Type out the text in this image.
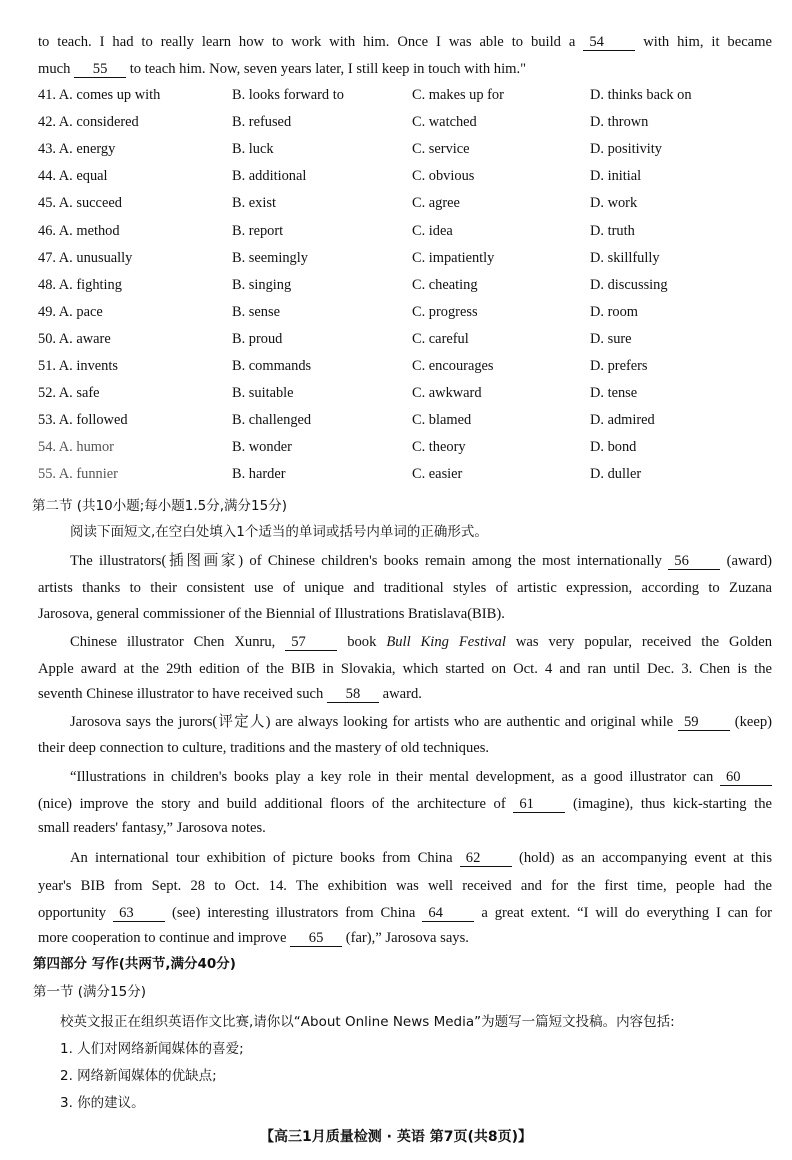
to teach. I had to really learn how to work with him. Once I was able to build a 54	with him, it became
much 55 to teach him. Now, seven years later, I still keep in touch with him."
41. A. comes up with	B. looks forward to	C. makes up for	D. thinks back on
42. A. considered	B. refused	C. watched	D. thrown
43. A. energy	B. luck	C. service	D. positivity
44. A. equal	B. additional	C. obvious	D. initial
45. A. succeed	B. exist	C. agree	D. work
46. A. method	B. report	C. idea	D. truth
47. A. unusually	B. seemingly	C. impatiently	D. skillfully
48. A. fighting	B. singing	C. cheating	D. discussing
49. A. pace	B. sense	C. progress	D. room
50. A. aware	B. proud	C. careful	D. sure
51. A. invents	B. commands	C. encourages	D. prefers
52. A. safe	B. suitable	C. awkward	D. tense
53. A. followed	B. challenged	C. blamed	D. admired
54. A. humor	B. wonder	C. theory	D. bond
55. A. funnier	B. harder	C. easier	D. duller
第二节 (共10小题;每小题1.5分,满分15分)
阅读下面短文,在空白处填入1个适当的单词或括号内单词的正确形式。
The illustrators(插图画家) of Chinese children's books remain among the most internationally 56	(award)
artists thanks to their consistent use of unique and traditional styles of artistic expression, according to Zuzana
Jarosova, general commissioner of the Biennial of Illustrations Bratislava(BIB).
Chinese illustrator Chen Xunru, 57	book Bull King Festival was very popular, received the Golden
Apple award at the 29th edition of the BIB in Slovakia, which started on Oct. 4 and ran until Dec. 3. Chen is the
seventh Chinese illustrator to have received such 58 award.
Jarosova says the jurors(评定人) are always looking for artists who are authentic and original while 59 (keep)
their deep connection to culture, traditions and the mastery of old techniques.
“Illustrations in children's books play a key role in their mental development, as a good illustrator can 60
(nice) improve the story and build additional floors of the architecture of 61	(imagine), thus kick-starting the
small readers' fantasy,” Jarosova notes.
An international tour exhibition of picture books from China 62	(hold) as an accompanying event at this
year's BIB from Sept. 28 to Oct. 14. The exhibition was well received and for the first time, people had the
opportunity 63	(see) interesting illustrators from China 64	a great extent. “I will do everything I can for
more cooperation to continue and improve 65 (far),” Jarosova says.
第四部分 写作(共两节,满分40分)
第一节 (满分15分)
校英文报正在组织英语作文比赛,请你以“About Online News Media”为题写一篇短文投稿。内容包括:
1. 人们对网络新闻媒体的喜爱;
2. 网络新闻媒体的优缺点;
3. 你的建议。
【高三1月质量检测 · 英语 第7页(共8页)】
